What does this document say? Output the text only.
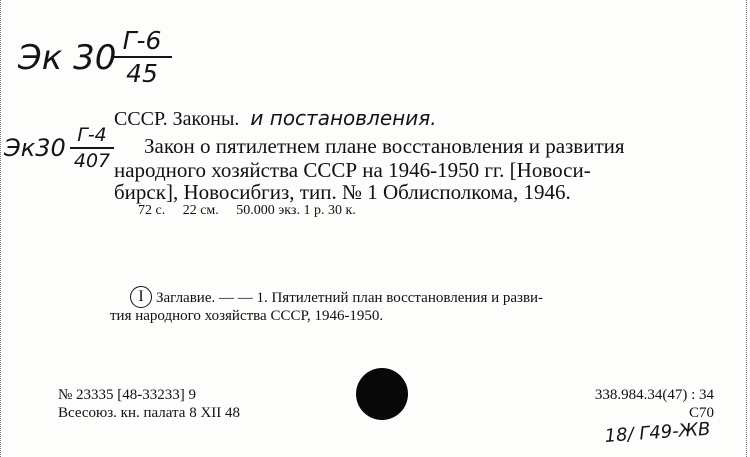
Эк 30 Г-6
45
Эк30 Г-4
407
СССР. Законы. и постановления.
Закон о пятилетнем плане восстановления и развития
народного хозяйства СССР на 1946-1950 гг. [Новоси-
бирск], Новосибгиз, тип. № 1 Облисполкома, 1946.
72 с.     22 см.     50.000 экз. 1 р. 30 к.
I Заглавие. — — 1. Пятилетний план восстановления и разви-
тия народного хозяйства СССР, 1946-1950.
№ 23335 [48-33233] 9
Всесоюз. кн. палата 8 XII 48
338.984.34(47) : 34
С70
18/ Г49-ЖВ
